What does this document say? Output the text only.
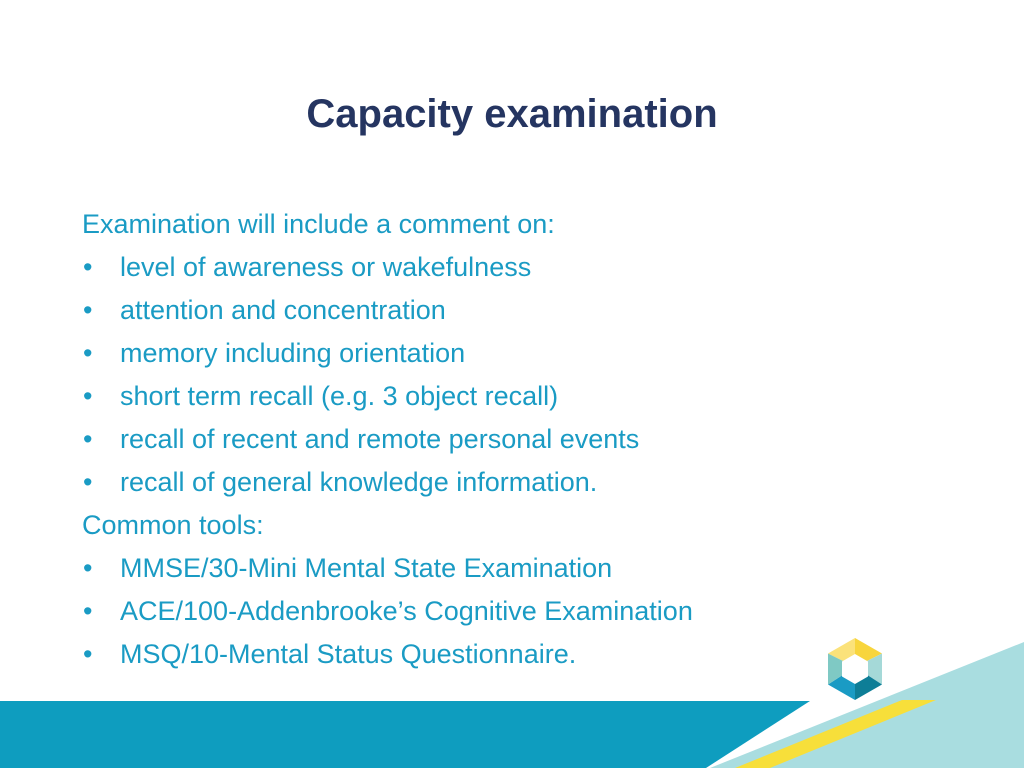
Capacity examination
Examination will include a comment on:
•	level of awareness or wakefulness
•	attention and concentration
•	memory including orientation
•	short term recall (e.g. 3 object recall)
•	recall of recent and remote personal events
•	recall of general knowledge information.
Common tools:
•	MMSE/30-Mini Mental State Examination
•	ACE/100-Addenbrooke’s Cognitive Examination
•	MSQ/10-Mental Status Questionnaire.
